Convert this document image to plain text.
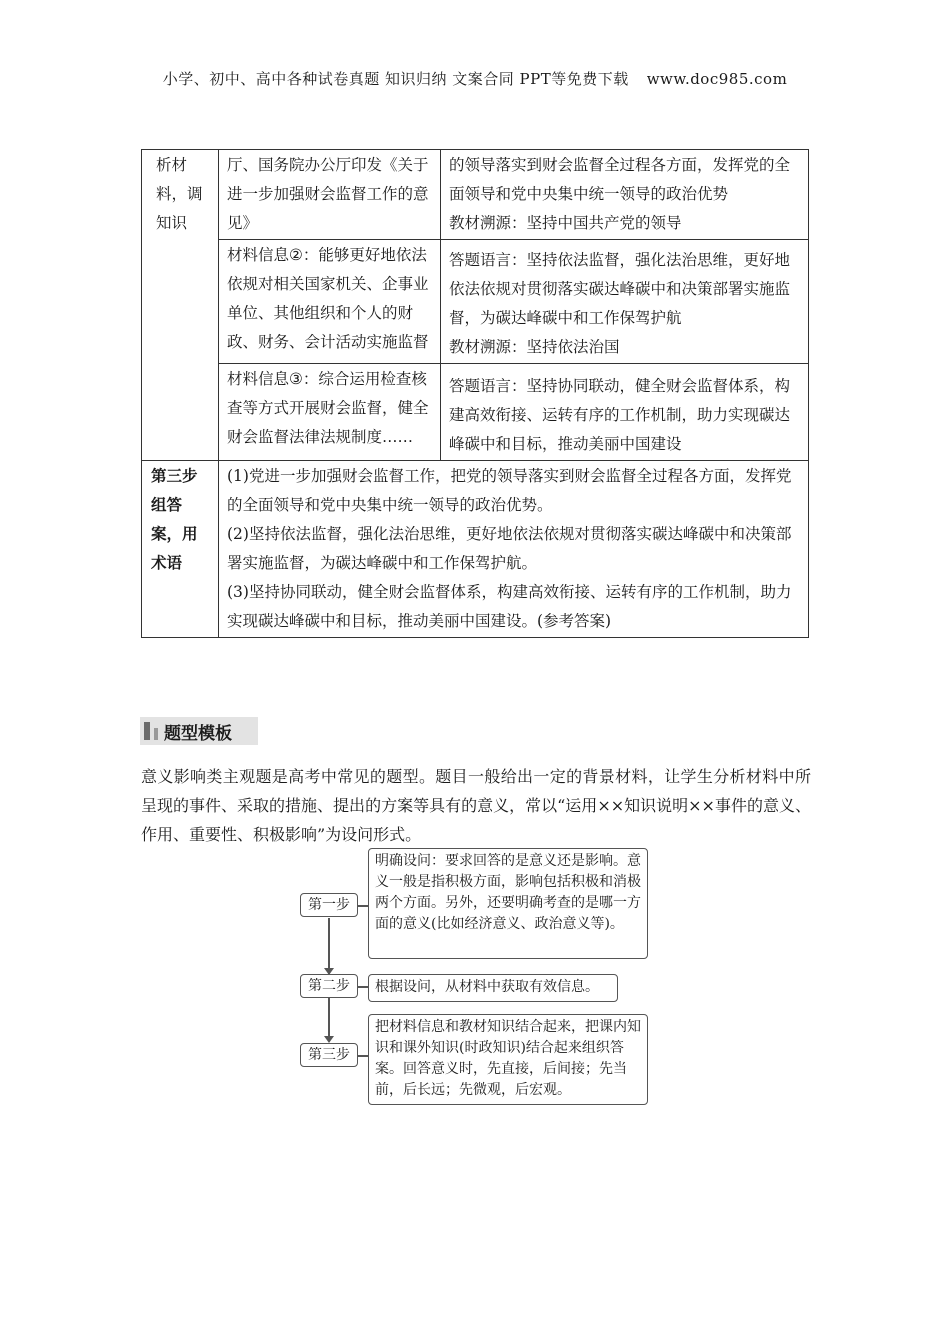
小学、初中、高中各种试卷真题 知识归纳 文案合同 PPT等免费下载 www.doc985.com
析材料，调知识	厅、国务院办公厅印发《关于进一步加强财会监督工作的意见》	的领导落实到财会监督全过程各方面，发挥党的全面领导和党中央集中统一领导的政治优势
教材溯源：坚持中国共产党的领导
	材料信息②：能够更好地依法依规对相关国家机关、企事业单位、其他组织和个人的财政、财务、会计活动实施监督	答题语言：坚持依法监督，强化法治思维，更好地依法依规对贯彻落实碳达峰碳中和决策部署实施监督，为碳达峰碳中和工作保驾护航
教材溯源：坚持依法治国
	材料信息③：综合运用检查核查等方式开展财会监督，健全财会监督法律法规制度……	答题语言：坚持协同联动，健全财会监督体系，构建高效衔接、运转有序的工作机制，助力实现碳达峰碳中和目标，推动美丽中国建设
第三步组答案，用术语	(1)党进一步加强财会监督工作，把党的领导落实到财会监督全过程各方面，发挥党的全面领导和党中央集中统一领导的政治优势。
(2)坚持依法监督，强化法治思维，更好地依法依规对贯彻落实碳达峰碳中和决策部署实施监督，为碳达峰碳中和工作保驾护航。
(3)坚持协同联动，健全财会监督体系，构建高效衔接、运转有序的工作机制，助力实现碳达峰碳中和目标，推动美丽中国建设。(参考答案)	
题型模板
意义影响类主观题是高考中常见的题型。题目一般给出一定的背景材料，让学生分析材料中所呈现的事件、采取的措施、提出的方案等具有的意义，常以“运用××知识说明××事件的意义、作用、重要性、积极影响”为设问形式。
明确设问：要求回答的是意义还是影响。意义一般是指积极方面，影响包括积极和消极两个方面。另外，还要明确考查的是哪一方面的意义(比如经济意义、政治意义等)。
第一步
根据设问，从材料中获取有效信息。
第二步
把材料信息和教材知识结合起来，把课内知识和课外知识(时政知识)结合起来组织答案。回答意义时，先直接，后间接；先当前，后长远；先微观，后宏观。
第三步
